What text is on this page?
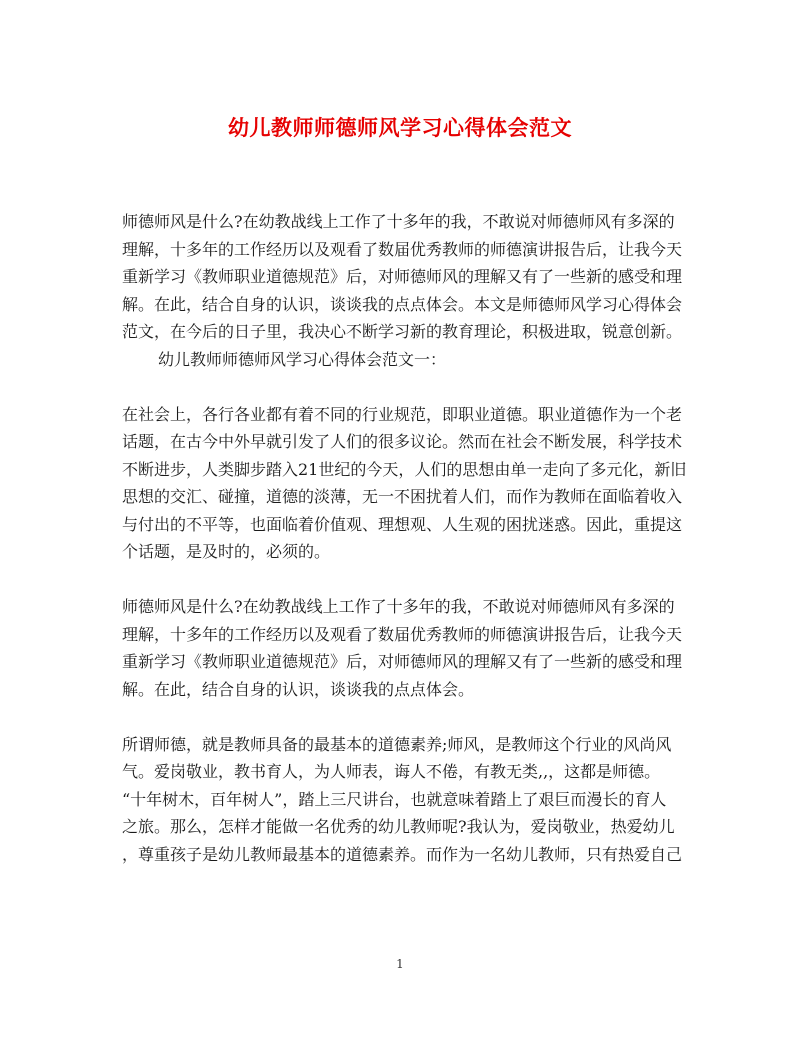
幼儿教师师德师风学习心得体会范文
师德师风是什么?在幼教战线上工作了十多年的我，不敢说对师德师风有多深的
理解，十多年的工作经历以及观看了数届优秀教师的师德演讲报告后，让我今天
重新学习《教师职业道德规范》后，对师德师风的理解又有了一些新的感受和理
解。在此，结合自身的认识，谈谈我的点点体会。本文是师德师风学习心得体会
范文，在今后的日子里，我决心不断学习新的教育理论，积极进取，锐意创新。
幼儿教师师德师风学习心得体会范文一：
在社会上，各行各业都有着不同的行业规范，即职业道德。职业道德作为一个老
话题，在古今中外早就引发了人们的很多议论。然而在社会不断发展，科学技术
不断进步，人类脚步踏入21世纪的今天，人们的思想由单一走向了多元化，新旧
思想的交汇、碰撞，道德的淡薄，无一不困扰着人们，而作为教师在面临着收入
与付出的不平等，也面临着价值观、理想观、人生观的困扰迷惑。因此，重提这
个话题，是及时的，必须的。
师德师风是什么?在幼教战线上工作了十多年的我，不敢说对师德师风有多深的
理解，十多年的工作经历以及观看了数届优秀教师的师德演讲报告后，让我今天
重新学习《教师职业道德规范》后，对师德师风的理解又有了一些新的感受和理
解。在此，结合自身的认识，谈谈我的点点体会。
所谓师德，就是教师具备的最基本的道德素养;师风，是教师这个行业的风尚风
气。爱岗敬业，教书育人，为人师表，诲人不倦，有教无类,,，这都是师德。
“十年树木，百年树人”，踏上三尺讲台，也就意味着踏上了艰巨而漫长的育人
之旅。那么，怎样才能做一名优秀的幼儿教师呢?我认为，爱岗敬业，热爱幼儿
，尊重孩子是幼儿教师最基本的道德素养。而作为一名幼儿教师，只有热爱自己
1
